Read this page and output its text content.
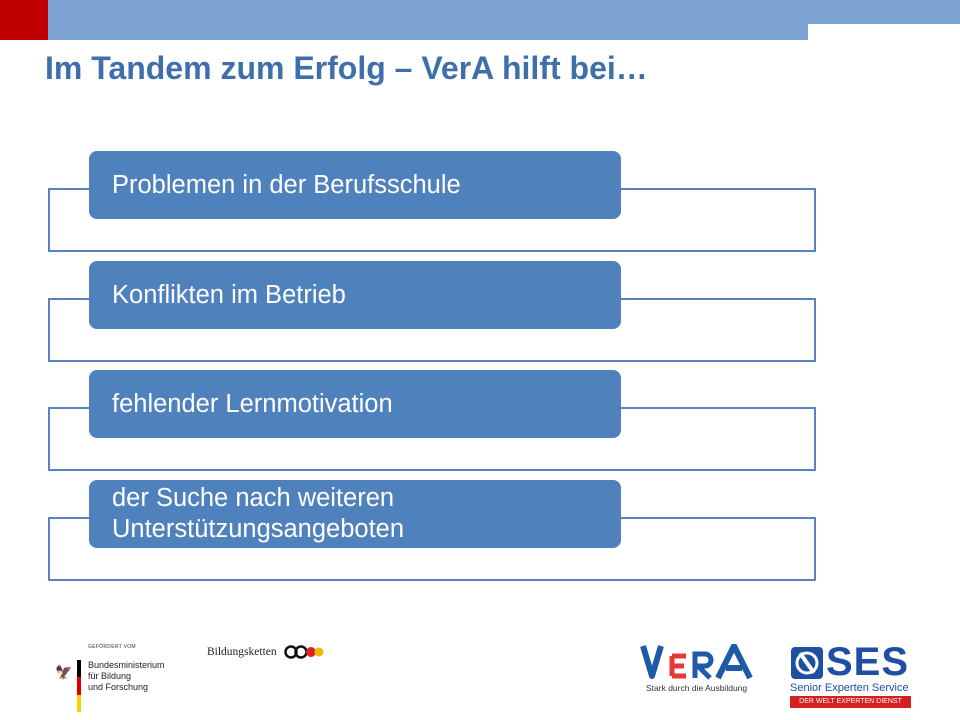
Im Tandem zum Erfolg – VerA hilft bei…
Problemen in der Berufsschule
Konflikten im Betrieb
fehlender Lernmotivation
der Suche nach weiteren Unterstützungsangeboten
GEFÖRDERT VOM
🦅 Bundesministerium
für Bildung
und Forschung
Bildungsketten
Stark durch die Ausbildung
SES
Senior Experten Service
DER WELT EXPERTEN DIENST
